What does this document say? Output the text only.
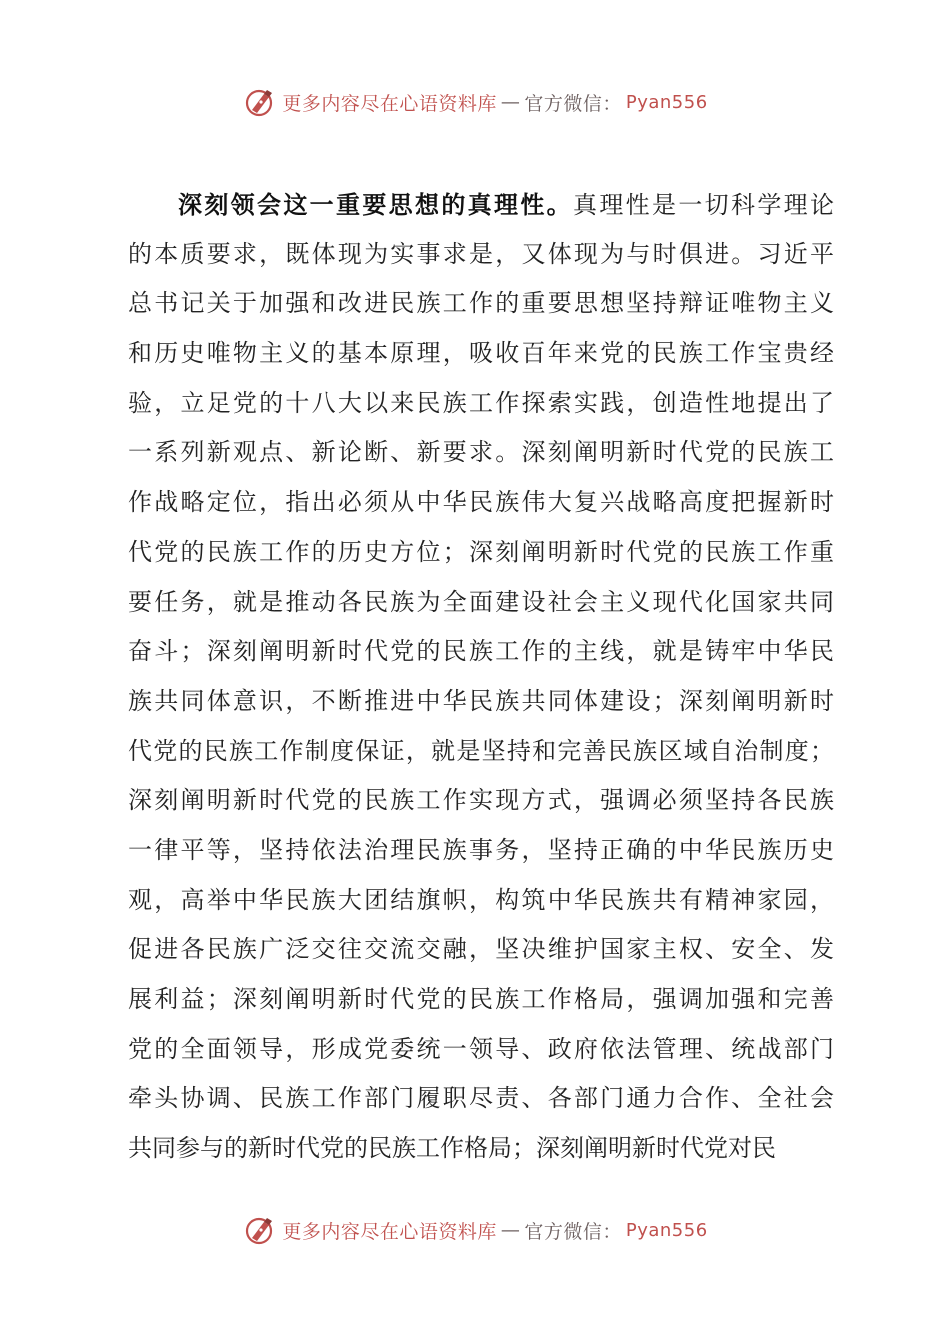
更多内容尽在心语资料库 — 官方微信： Pyan556
深刻领会这一重要思想的真理性。真理性是一切科学理论
的本质要求，既体现为实事求是，又体现为与时俱进。习近平
总书记关于加强和改进民族工作的重要思想坚持辩证唯物主义
和历史唯物主义的基本原理，吸收百年来党的民族工作宝贵经
验，立足党的十八大以来民族工作探索实践，创造性地提出了
一系列新观点、新论断、新要求。深刻阐明新时代党的民族工
作战略定位，指出必须从中华民族伟大复兴战略高度把握新时
代党的民族工作的历史方位；深刻阐明新时代党的民族工作重
要任务，就是推动各民族为全面建设社会主义现代化国家共同
奋斗；深刻阐明新时代党的民族工作的主线，就是铸牢中华民
族共同体意识，不断推进中华民族共同体建设；深刻阐明新时
代党的民族工作制度保证，就是坚持和完善民族区域自治制度；
深刻阐明新时代党的民族工作实现方式，强调必须坚持各民族
一律平等，坚持依法治理民族事务，坚持正确的中华民族历史
观，高举中华民族大团结旗帜，构筑中华民族共有精神家园，
促进各民族广泛交往交流交融，坚决维护国家主权、安全、发
展利益；深刻阐明新时代党的民族工作格局，强调加强和完善
党的全面领导，形成党委统一领导、政府依法管理、统战部门
牵头协调、民族工作部门履职尽责、各部门通力合作、全社会
共同参与的新时代党的民族工作格局；深刻阐明新时代党对民
更多内容尽在心语资料库 — 官方微信： Pyan556
